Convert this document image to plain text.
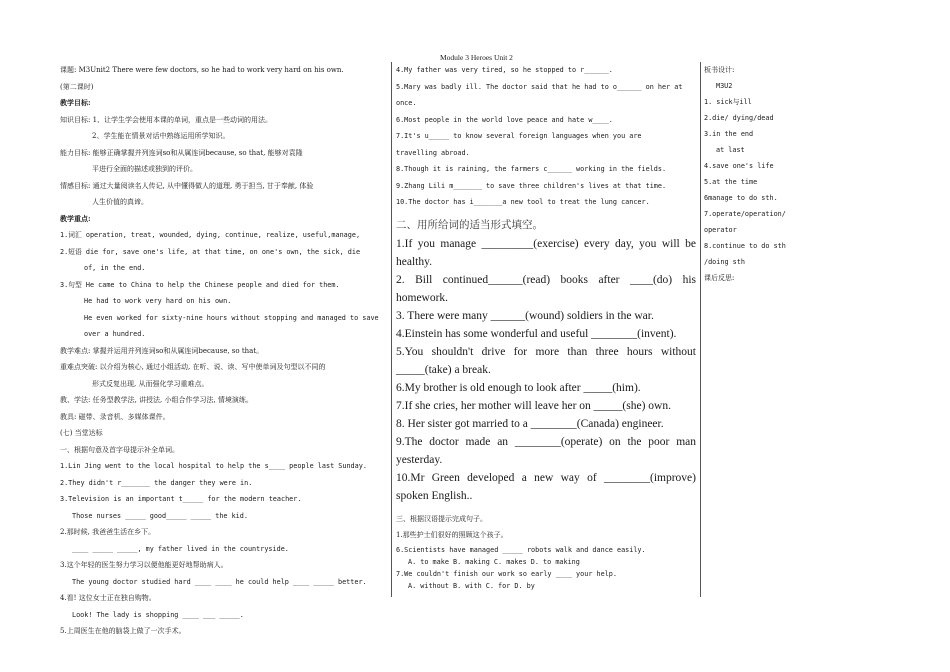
Module 3 Heroes Unit 2
课题: M3Unit2 There were few doctors, so he had to work very hard on his own.
(第二课时)
教学目标:
知识目标: 1、让学生学会使用本课的单词，重点是一些动词的用法。
2、学生能在情景对话中熟练运用所学知识。
能力目标: 能够正确掌握并列连词so和从属连词because, so that, 能够对袁隆
平进行全面的描述或独到的评价。
情感目标: 通过大量阅读名人传记, 从中懂得做人的道理, 勇于担当, 甘于奉献, 体验
人生价值的真谛。
教学重点:
1.词汇 operation, treat, wounded, dying, continue, realize, useful,manage,
2.短语 die for, save one's life, at that time, on one's own, the sick, die
of, in the end.
3.句型 He came to China to help the Chinese people and died for them.
He had to work very hard on his own.
He even worked for sixty-nine hours without stopping and managed to save
over a hundred.
教学难点: 掌握并运用并列连词so和从属连词because, so that。
重难点突破: 以介绍为核心, 通过小组活动, 在听、说、读、写中使单词及句型以不同的
形式反复出现, 从而强化学习重难点。
教、学法: 任务型教学法, 讲授法, 小组合作学习法, 情境演练。
教具: 磁带、录音机、多媒体课件。
(七) 当堂达标
一、根据句意及首字母提示补全单词。
1.Lin Jing went to the local hospital to help the s____ people last Sunday.
2.They didn't r_______ the danger they were in.
3.Television is an important t_____ for the modern teacher.
Those nurses _____ good_____ _____ the kid.
2.那时候, 我爸爸生活在乡下。
____ _____ _____, my father lived in the countryside.
3.这个年轻的医生努力学习以便他能更好地帮助病人。
The young doctor studied hard ____ ____ he could help ____ _____ better.
4.看! 这位女士正在独自购物。
Look! The lady is shopping ____ ___ _____.
5.上周医生在他的脑袋上做了一次手术。
4.My father was very tired, so he stopped to r______.
5.Mary was badly ill. The doctor said that he had to o______ on her at
once.
6.Most people in the world love peace and hate w____.
7.It's u_____ to know several foreign languages when you are
travelling abroad.
8.Though it is raining, the farmers c______ working in the fields.
9.Zhang Lili m_______ to save three children's lives at that time.
10.The doctor has i_______a new tool to treat the lung cancer.
二、用所给词的适当形式填空。
1.If you manage _________(exercise) every day, you will be healthy.
2. Bill continued______(read) books after ____(do) his homework.
3. There were many ______(wound) soldiers in the war.
4.Einstein has some wonderful and useful ________(invent).
5.You shouldn't drive for more than three hours without _____(take) a break.
6.My brother is old enough to look after _____(him).
7.If she cries, her mother will leave her on _____(she) own.
8. Her sister got married to a ________(Canada) engineer.
9.The doctor made an ________(operate) on the poor man yesterday.
10.Mr Green developed a new way of ________(improve) spoken English..
三、根据汉语提示完成句子。
1.那些护士们很好的照顾这个孩子。
6.Scientists have managed _____ robots walk and dance easily.
A. to make B. making C. makes D. to making
7.We couldn't finish our work so early ____ your help.
A. without B. with C. for D. by
板书设计:
M3U2
1. sick与ill
2.die/ dying/dead
3.in the end
at last
4.save one's life
5.at the time
6manage to do sth.
7.operate/operation/
operator
8.continue to do sth
/doing sth
课后反思:
